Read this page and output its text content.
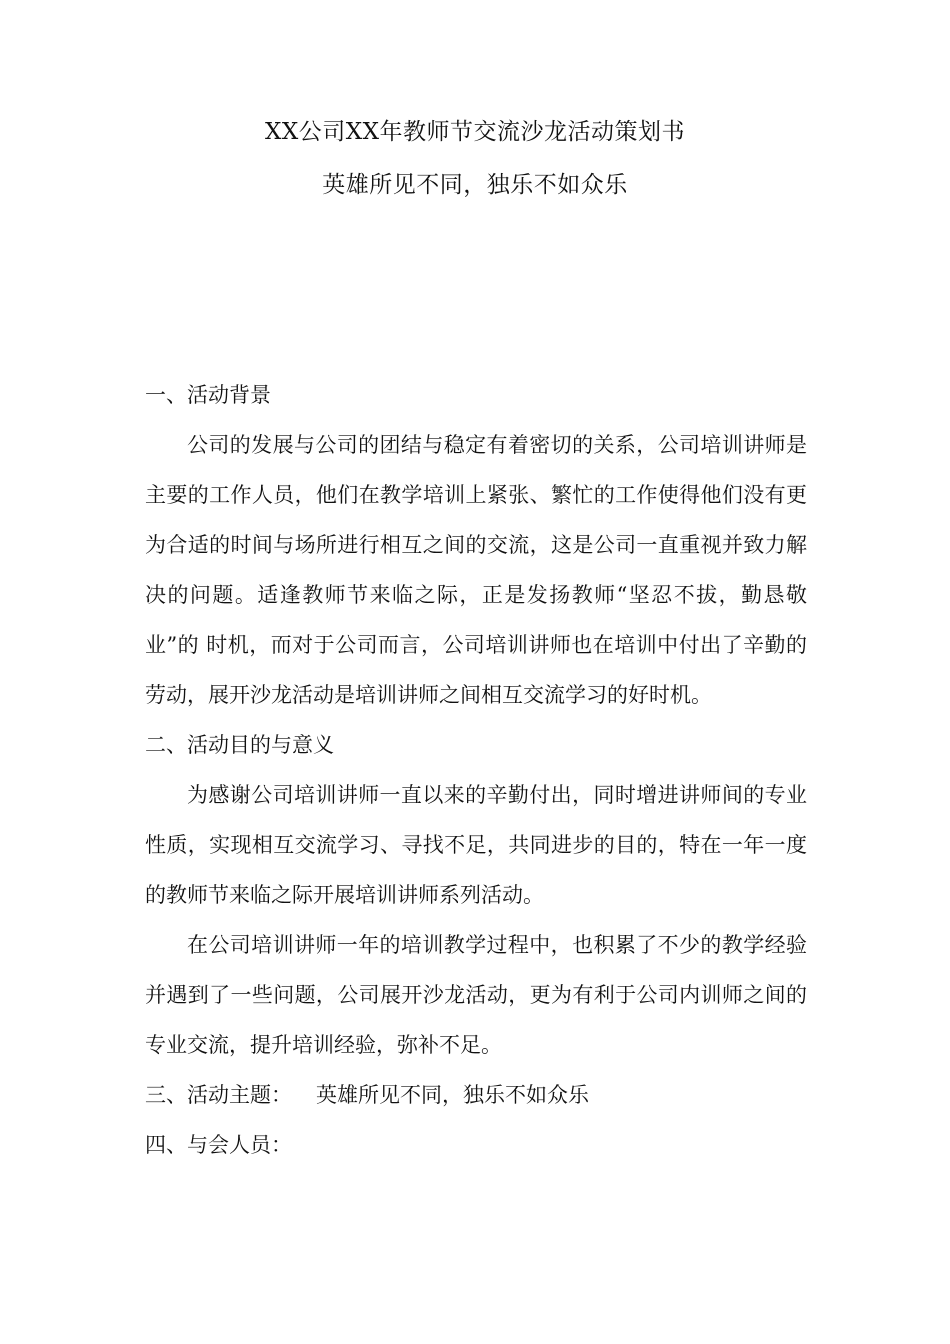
XX公司XX年教师节交流沙龙活动策划书
英雄所见不同，独乐不如众乐

一、活动背景

公司的发展与公司的团结与稳定有着密切的关系，公司培训讲师是主要的工作人员，他们在教学培训上紧张、繁忙的工作使得他们没有更为合适的时间与场所进行相互之间的交流，这是公司一直重视并致力解决的问题。适逢教师节来临之际，正是发扬教师“坚忍不拔，勤恳敬业”的 时机，而对于公司而言，公司培训讲师也在培训中付出了辛勤的劳动，展开沙龙活动是培训讲师之间相互交流学习的好时机。

二、活动目的与意义

为感谢公司培训讲师一直以来的辛勤付出，同时增进讲师间的专业性质，实现相互交流学习、寻找不足，共同进步的目的，特在一年一度的教师节来临之际开展培训讲师系列活动。

在公司培训讲师一年的培训教学过程中，也积累了不少的教学经验并遇到了一些问题，公司展开沙龙活动，更为有利于公司内训师之间的专业交流，提升培训经验，弥补不足。

三、活动主题： 英雄所见不同，独乐不如众乐

四、与会人员：
